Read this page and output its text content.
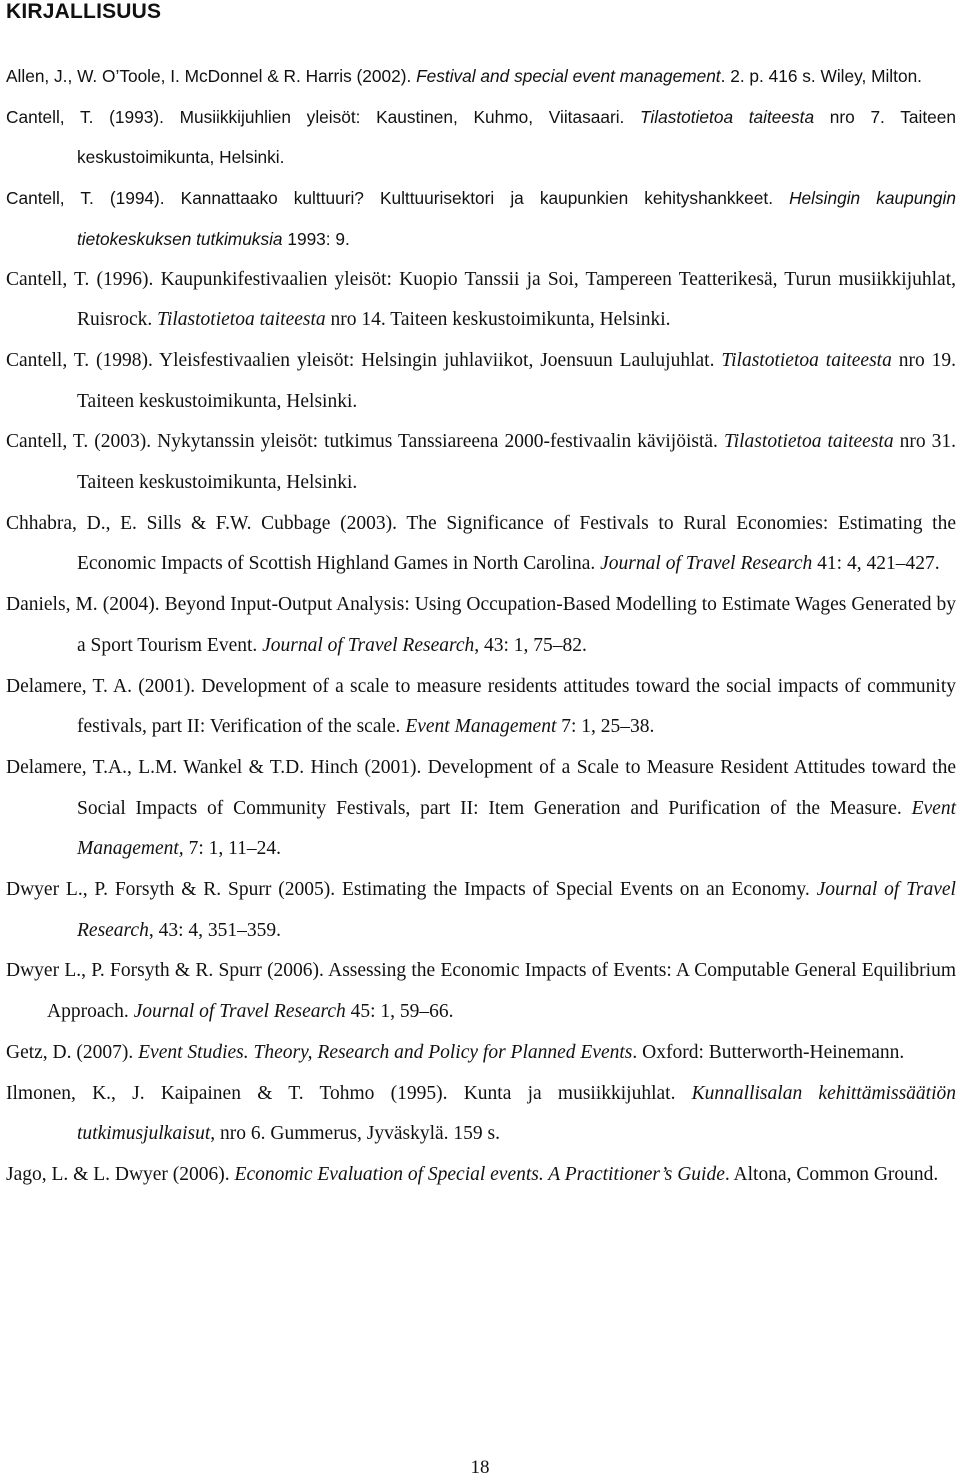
KIRJALLISUUS

Allen, J., W. O’Toole, I. McDonnel & R. Harris (2002). Festival and special event management. 2. p. 416 s. Wiley, Milton.

Cantell, T. (1993). Musiikkijuhlien yleisöt: Kaustinen, Kuhmo, Viitasaari. Tilastotietoa taiteesta nro 7. Taiteen keskustoimikunta, Helsinki.

Cantell, T. (1994). Kannattaako kulttuuri? Kulttuurisektori ja kaupunkien kehityshankkeet. Helsingin kaupungin tietokeskuksen tutkimuksia 1993: 9.

Cantell, T. (1996). Kaupunkifestivaalien yleisöt: Kuopio Tanssii ja Soi, Tampereen Teatterikesä, Turun musiikkijuhlat, Ruisrock. Tilastotietoa taiteesta nro 14. Taiteen keskustoimikunta, Helsinki.

Cantell, T. (1998). Yleisfestivaalien yleisöt: Helsingin juhlaviikot, Joensuun Laulujuhlat. Tilastotietoa taiteesta nro 19. Taiteen keskustoimikunta, Helsinki.

Cantell, T. (2003). Nykytanssin yleisöt: tutkimus Tanssiareena 2000-festivaalin kävijöistä. Tilastotietoa taiteesta nro 31. Taiteen keskustoimikunta, Helsinki.

Chhabra, D., E. Sills & F.W. Cubbage (2003). The Significance of Festivals to Rural Economies: Estimating the Economic Impacts of Scottish Highland Games in North Carolina. Journal of Travel Research 41: 4, 421–427.

Daniels, M. (2004). Beyond Input-Output Analysis: Using Occupation-Based Modelling to Estimate Wages Generated by a Sport Tourism Event. Journal of Travel Research, 43: 1, 75–82.

Delamere, T. A. (2001). Development of a scale to measure residents attitudes toward the social impacts of community festivals, part II: Verification of the scale. Event Management 7: 1, 25–38.

Delamere, T.A., L.M. Wankel & T.D. Hinch (2001). Development of a Scale to Measure Resident Attitudes toward the Social Impacts of Community Festivals, part II: Item Generation and Purification of the Measure. Event Management, 7: 1, 11–24.

Dwyer L., P. Forsyth & R. Spurr (2005). Estimating the Impacts of Special Events on an Economy. Journal of Travel Research, 43: 4, 351–359.

Dwyer L., P. Forsyth & R. Spurr (2006). Assessing the Economic Impacts of Events: A Computable General Equilibrium Approach. Journal of Travel Research 45: 1, 59–66.

Getz, D. (2007). Event Studies. Theory, Research and Policy for Planned Events. Oxford: Butterworth-Heinemann.

Ilmonen, K., J. Kaipainen & T. Tohmo (1995). Kunta ja musiikkijuhlat. Kunnallisalan kehittämissäätiön tutkimusjulkaisut, nro 6. Gummerus, Jyväskylä. 159 s.

Jago, L. & L. Dwyer (2006). Economic Evaluation of Special events. A Practitioner’s Guide. Altona, Common Ground.

18
